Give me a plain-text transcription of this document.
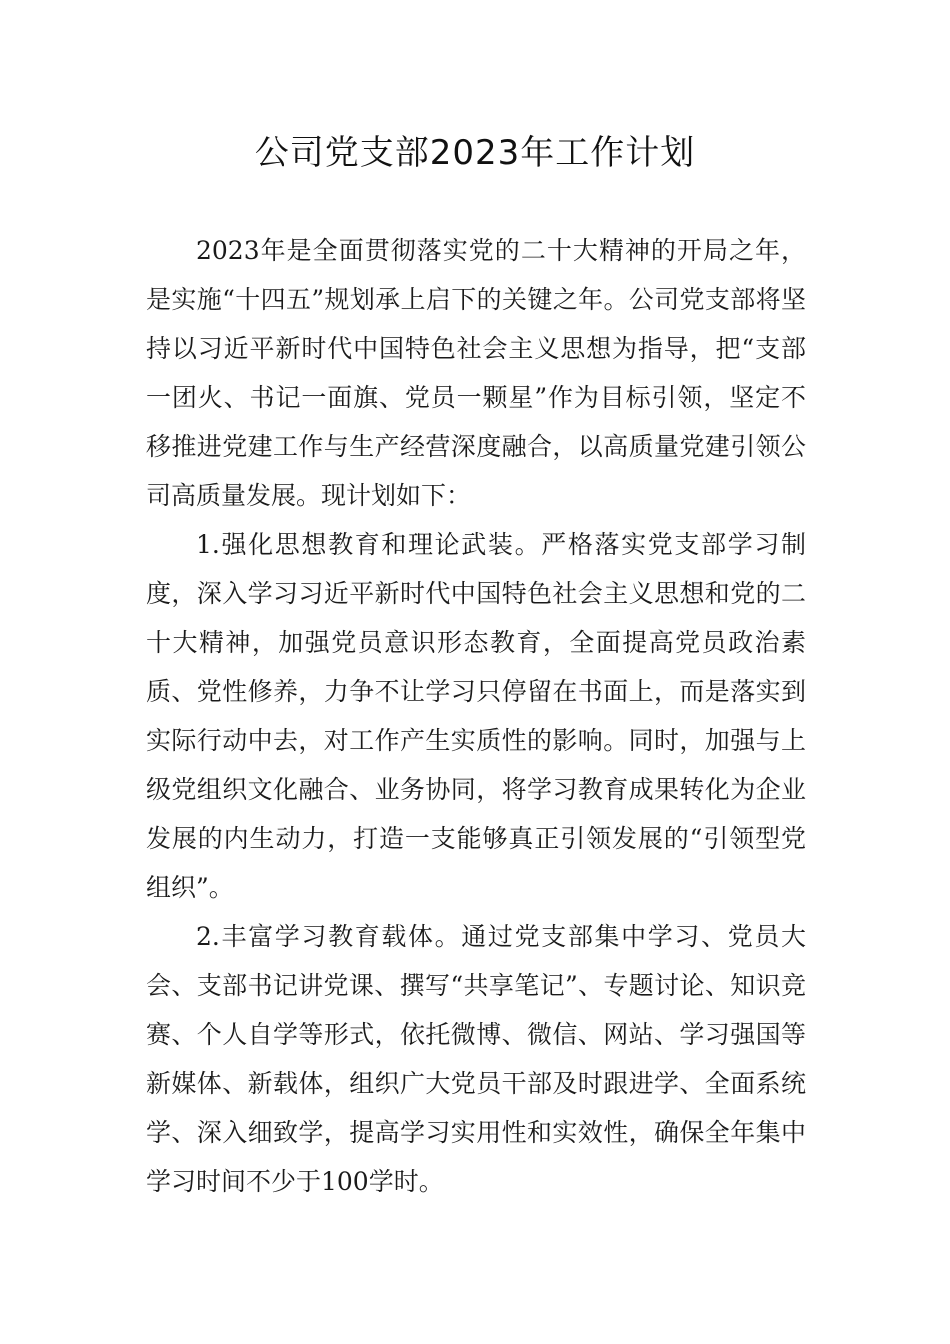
公司党支部2023年工作计划

2023年是全面贯彻落实党的二十大精神的开局之年，是实施“十四五”规划承上启下的关键之年。公司党支部将坚持以习近平新时代中国特色社会主义思想为指导，把“支部一团火、书记一面旗、党员一颗星”作为目标引领，坚定不移推进党建工作与生产经营深度融合，以高质量党建引领公司高质量发展。现计划如下：

1.强化思想教育和理论武装。严格落实党支部学习制度，深入学习习近平新时代中国特色社会主义思想和党的二十大精神，加强党员意识形态教育，全面提高党员政治素质、党性修养，力争不让学习只停留在书面上，而是落实到实际行动中去，对工作产生实质性的影响。同时，加强与上级党组织文化融合、业务协同，将学习教育成果转化为企业发展的内生动力，打造一支能够真正引领发展的“引领型党组织”。

2.丰富学习教育载体。通过党支部集中学习、党员大会、支部书记讲党课、撰写“共享笔记”、专题讨论、知识竞赛、个人自学等形式，依托微博、微信、网站、学习强国等新媒体、新载体，组织广大党员干部及时跟进学、全面系统学、深入细致学，提高学习实用性和实效性，确保全年集中学习时间不少于100学时。
